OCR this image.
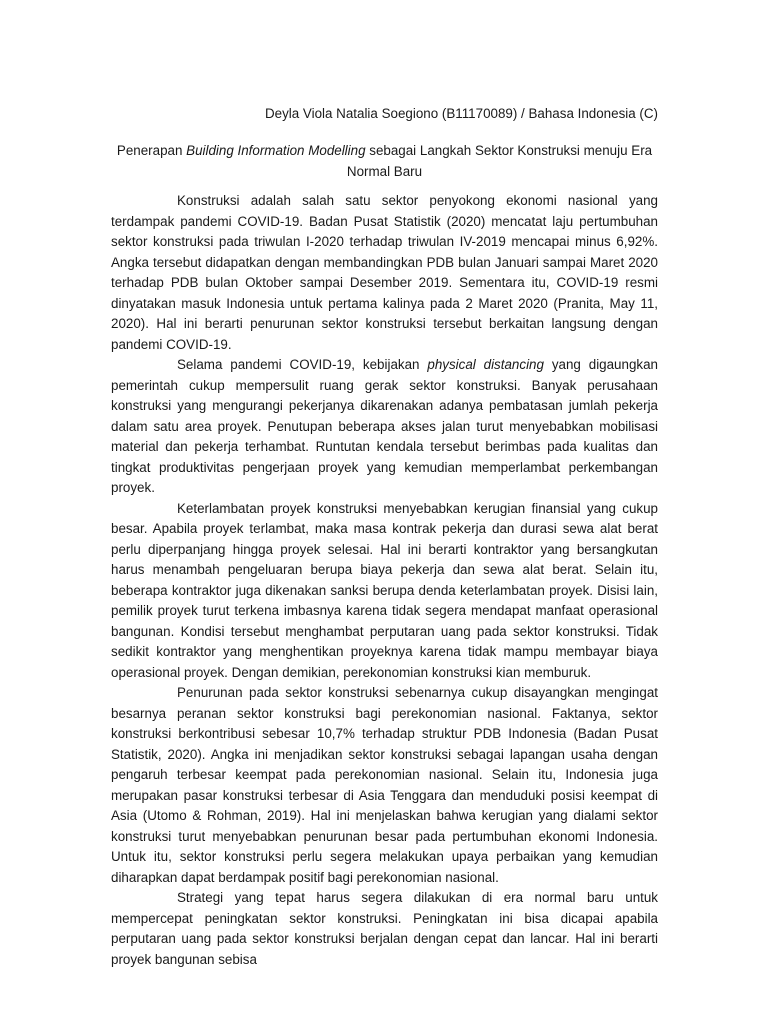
Deyla Viola Natalia Soegiono (B11170089) / Bahasa Indonesia (C)
Penerapan Building Information Modelling sebagai Langkah Sektor Konstruksi menuju Era Normal Baru

Konstruksi adalah salah satu sektor penyokong ekonomi nasional yang terdampak pandemi COVID-19. Badan Pusat Statistik (2020) mencatat laju pertumbuhan sektor konstruksi pada triwulan I-2020 terhadap triwulan IV-2019 mencapai minus 6,92%. Angka tersebut didapatkan dengan membandingkan PDB bulan Januari sampai Maret 2020 terhadap PDB bulan Oktober sampai Desember 2019. Sementara itu, COVID-19 resmi dinyatakan masuk Indonesia untuk pertama kalinya pada 2 Maret 2020 (Pranita, May 11, 2020). Hal ini berarti penurunan sektor konstruksi tersebut berkaitan langsung dengan pandemi COVID-19.

Selama pandemi COVID-19, kebijakan physical distancing yang digaungkan pemerintah cukup mempersulit ruang gerak sektor konstruksi. Banyak perusahaan konstruksi yang mengurangi pekerjanya dikarenakan adanya pembatasan jumlah pekerja dalam satu area proyek. Penutupan beberapa akses jalan turut menyebabkan mobilisasi material dan pekerja terhambat. Runtutan kendala tersebut berimbas pada kualitas dan tingkat produktivitas pengerjaan proyek yang kemudian memperlambat perkembangan proyek.

Keterlambatan proyek konstruksi menyebabkan kerugian finansial yang cukup besar. Apabila proyek terlambat, maka masa kontrak pekerja dan durasi sewa alat berat perlu diperpanjang hingga proyek selesai. Hal ini berarti kontraktor yang bersangkutan harus menambah pengeluaran berupa biaya pekerja dan sewa alat berat. Selain itu, beberapa kontraktor juga dikenakan sanksi berupa denda keterlambatan proyek. Disisi lain, pemilik proyek turut terkena imbasnya karena tidak segera mendapat manfaat operasional bangunan. Kondisi tersebut menghambat perputaran uang pada sektor konstruksi. Tidak sedikit kontraktor yang menghentikan proyeknya karena tidak mampu membayar biaya operasional proyek. Dengan demikian, perekonomian konstruksi kian memburuk.

Penurunan pada sektor konstruksi sebenarnya cukup disayangkan mengingat besarnya peranan sektor konstruksi bagi perekonomian nasional. Faktanya, sektor konstruksi berkontribusi sebesar 10,7% terhadap struktur PDB Indonesia (Badan Pusat Statistik, 2020). Angka ini menjadikan sektor konstruksi sebagai lapangan usaha dengan pengaruh terbesar keempat pada perekonomian nasional. Selain itu, Indonesia juga merupakan pasar konstruksi terbesar di Asia Tenggara dan menduduki posisi keempat di Asia (Utomo & Rohman, 2019). Hal ini menjelaskan bahwa kerugian yang dialami sektor konstruksi turut menyebabkan penurunan besar pada pertumbuhan ekonomi Indonesia. Untuk itu, sektor konstruksi perlu segera melakukan upaya perbaikan yang kemudian diharapkan dapat berdampak positif bagi perekonomian nasional.

Strategi yang tepat harus segera dilakukan di era normal baru untuk mempercepat peningkatan sektor konstruksi. Peningkatan ini bisa dicapai apabila perputaran uang pada sektor konstruksi berjalan dengan cepat dan lancar. Hal ini berarti proyek bangunan sebisa
